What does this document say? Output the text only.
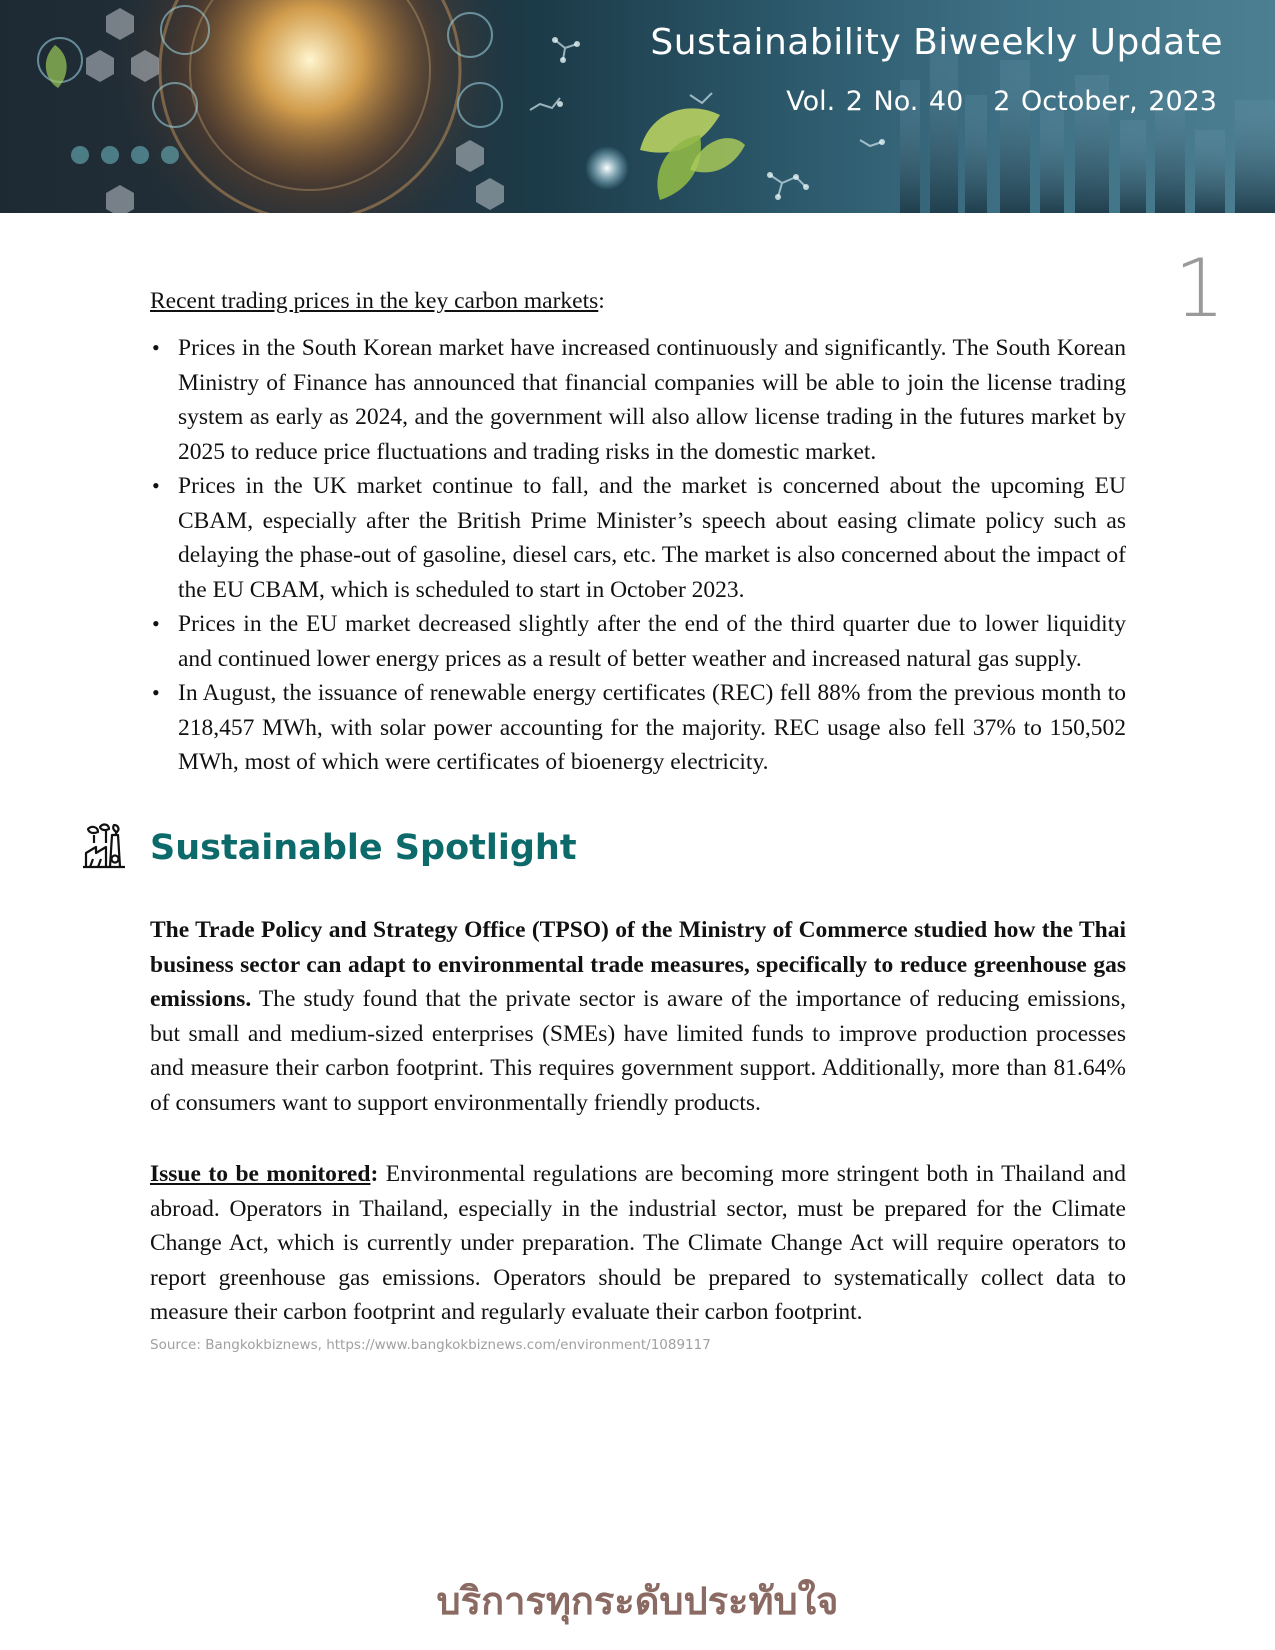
Sustainability Biweekly Update
Vol. 2 No. 40 2 October, 2023
1
Recent trading prices in the key carbon markets:
• Prices in the South Korean market have increased continuously and significantly. The South Korean Ministry of Finance has announced that financial companies will be able to join the license trading system as early as 2024, and the government will also allow license trading in the futures market by 2025 to reduce price fluctuations and trading risks in the domestic market.
• Prices in the UK market continue to fall, and the market is concerned about the upcoming EU CBAM, especially after the British Prime Minister’s speech about easing climate policy such as delaying the phase-out of gasoline, diesel cars, etc. The market is also concerned about the impact of the EU CBAM, which is scheduled to start in October 2023.
• Prices in the EU market decreased slightly after the end of the third quarter due to lower liquidity and continued lower energy prices as a result of better weather and increased natural gas supply.
• In August, the issuance of renewable energy certificates (REC) fell 88% from the previous month to 218,457 MWh, with solar power accounting for the majority. REC usage also fell 37% to 150,502 MWh, most of which were certificates of bioenergy electricity.
Sustainable Spotlight
The Trade Policy and Strategy Office (TPSO) of the Ministry of Commerce studied how the Thai business sector can adapt to environmental trade measures, specifically to reduce greenhouse gas emissions. The study found that the private sector is aware of the importance of reducing emissions, but small and medium-sized enterprises (SMEs) have limited funds to improve production processes and measure their carbon footprint. This requires government support. Additionally, more than 81.64% of consumers want to support environmentally friendly products.
Issue to be monitored: Environmental regulations are becoming more stringent both in Thailand and abroad. Operators in Thailand, especially in the industrial sector, must be prepared for the Climate Change Act, which is currently under preparation. The Climate Change Act will require operators to report greenhouse gas emissions. Operators should be prepared to systematically collect data to measure their carbon footprint and regularly evaluate their carbon footprint.
Source: Bangkokbiznews, https://www.bangkokbiznews.com/environment/1089117
บริการทุกระดับประทับใจ
